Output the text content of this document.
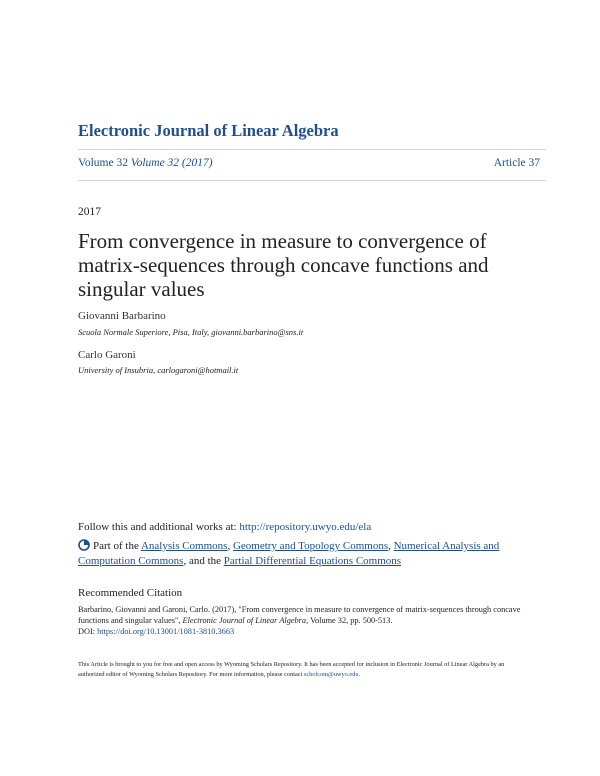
Electronic Journal of Linear Algebra
Volume 32 Volume 32 (2017)	Article 37
2017
From convergence in measure to convergence of matrix-sequences through concave functions and singular values
Giovanni Barbarino
Scuola Normale Superiore, Pisa, Italy, giovanni.barbarino@sns.it
Carlo Garoni
University of Insubria, carlogaroni@hotmail.it
Follow this and additional works at: http://repository.uwyo.edu/ela
Part of the Analysis Commons, Geometry and Topology Commons, Numerical Analysis and Computation Commons, and the Partial Differential Equations Commons
Recommended Citation
Barbarino, Giovanni and Garoni, Carlo. (2017), "From convergence in measure to convergence of matrix-sequences through concave functions and singular values", Electronic Journal of Linear Algebra, Volume 32, pp. 500-513.
DOI: https://doi.org/10.13001/1081-3810.3663
This Article is brought to you for free and open access by Wyoming Scholars Repository. It has been accepted for inclusion in Electronic Journal of Linear Algebra by an authorized editor of Wyoming Scholars Repository. For more information, please contact scholcom@uwyo.edu.
